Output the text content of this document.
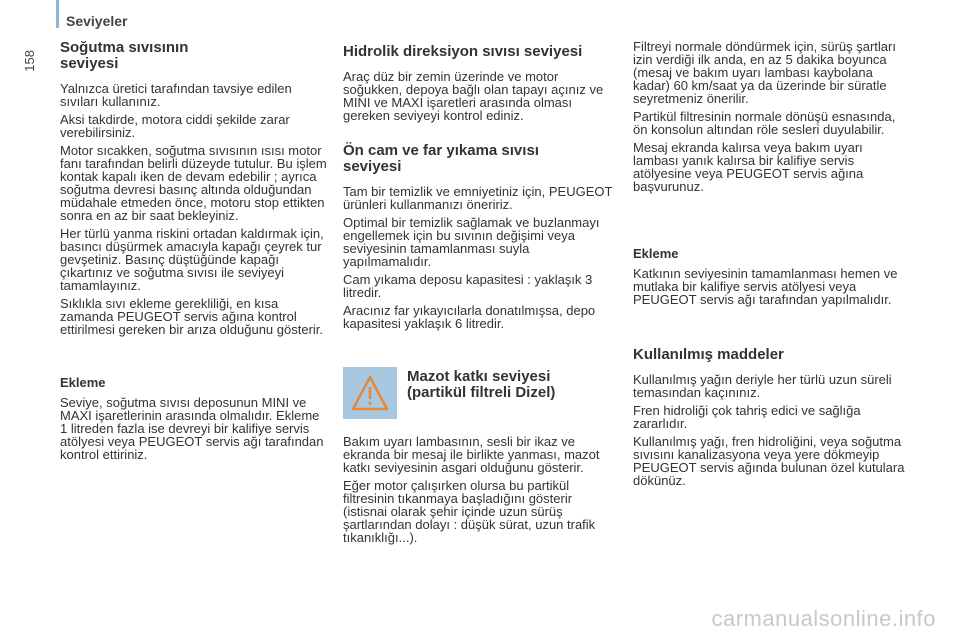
Seviyeler
158
Soğutma sıvısının seviyesi

Yalnızca üretici tarafından tavsiye edilen sıvıları kullanınız.

Aksi takdirde, motora ciddi şekilde zarar verebilirsiniz.

Motor sıcakken, soğutma sıvısının ısısı motor fanı tarafından belirli düzeyde tutulur. Bu işlem kontak kapalı iken de devam edebilir ; ayrıca soğutma devresi basınç altında olduğundan müdahale etmeden önce, motoru stop ettikten sonra en az bir saat bekleyiniz.

Her türlü yanma riskini ortadan kaldırmak için, basıncı düşürmek amacıyla kapağı çeyrek tur gevşetiniz. Basınç düştüğünde kapağı çıkartınız ve soğutma sıvısı ile seviyeyi tamamlayınız.

Sıklıkla sıvı ekleme gerekliliği, en kısa zamanda PEUGEOT servis ağına kontrol ettirilmesi gereken bir arıza olduğunu gösterir.

Ekleme

Seviye, soğutma sıvısı deposunun MINI ve MAXI işaretlerinin arasında olmalıdır. Ekleme 1 litreden fazla ise devreyi bir kalifiye servis atölyesi veya PEUGEOT servis ağı tarafından kontrol ettiriniz.

Hidrolik direksiyon sıvısı seviyesi

Araç düz bir zemin üzerinde ve motor soğukken, depoya bağlı olan tapayı açınız ve MINI ve MAXI işaretleri arasında olması gereken seviyeyi kontrol ediniz.

Ön cam ve far yıkama sıvısı seviyesi

Tam bir temizlik ve emniyetiniz için, PEUGEOT ürünleri kullanmanızı öneririz.

Optimal bir temizlik sağlamak ve buzlanmayı engellemek için bu sıvının değişimi veya seviyesinin tamamlanması suyla yapılmamalıdır.

Cam yıkama deposu kapasitesi : yaklaşık 3 litredir.

Aracınız far yıkayıcılarla donatılmışsa, depo kapasitesi yaklaşık 6 litredir.

Mazot katkı seviyesi (partikül filtreli Dizel)

Bakım uyarı lambasının, sesli bir ikaz ve ekranda bir mesaj ile birlikte yanması, mazot katkı seviyesinin asgari olduğunu gösterir.

Eğer motor çalışırken olursa bu partikül filtresinin tıkanmaya başladığını gösterir (istisnai olarak şehir içinde uzun sürüş şartlarından dolayı : düşük sürat, uzun trafik tıkanıklığı...).

Filtreyi normale döndürmek için, sürüş şartları izin verdiği ilk anda, en az 5 dakika boyunca (mesaj ve bakım uyarı lambası kaybolana kadar) 60 km/saat ya da üzerinde bir süratle seyretmeniz önerilir.

Partikül filtresinin normale dönüşü esnasında, ön konsolun altından röle sesleri duyulabilir.

Mesaj ekranda kalırsa veya bakım uyarı lambası yanık kalırsa bir kalifiye servis atölyesine veya PEUGEOT servis ağına başvurunuz.

Ekleme

Katkının seviyesinin tamamlanması hemen ve mutlaka bir kalifiye servis atölyesi veya PEUGEOT servis ağı tarafından yapılmalıdır.

Kullanılmış maddeler

Kullanılmış yağın deriyle her türlü uzun süreli temasından kaçınınız.

Fren hidroliği çok tahriş edici ve sağlığa zararlıdır.

Kullanılmış yağı, fren hidroliğini, veya soğutma sıvısını kanalizasyona veya yere dökmeyip PEUGEOT servis ağında bulunan özel kutulara dökünüz.

carmanualsonline.info
